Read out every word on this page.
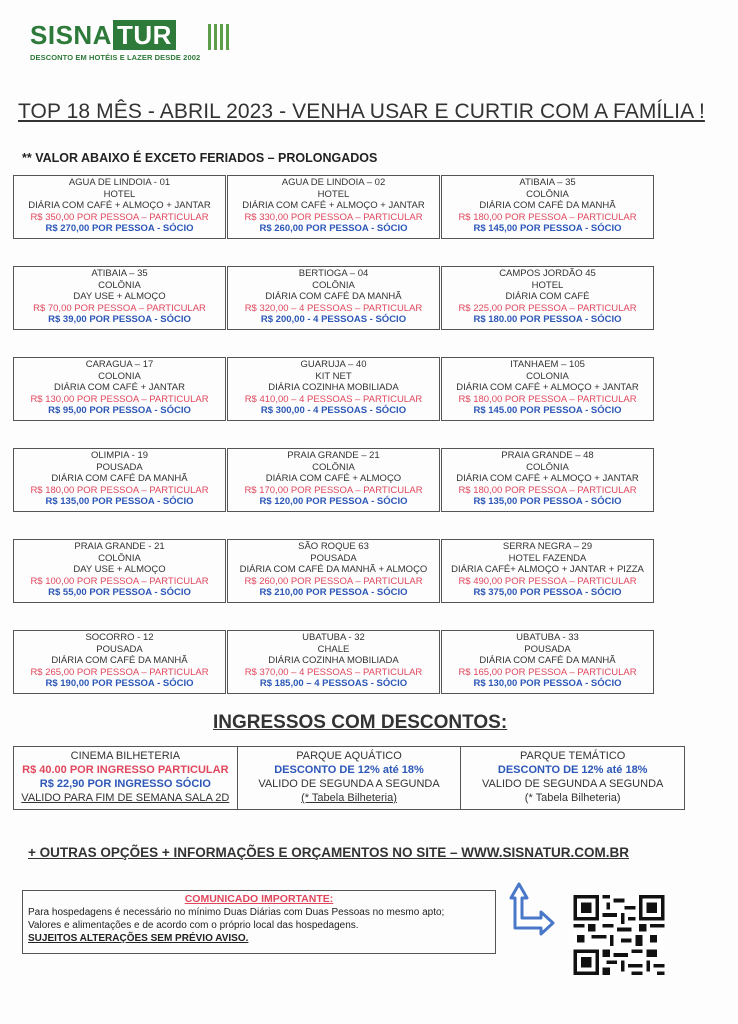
SISNA TUR
DESCONTO EM HOTÉIS E LAZER DESDE 2002
TOP 18 MÊS - ABRIL 2023 - VENHA USAR E CURTIR COM A FAMÍLIA !
** VALOR ABAIXO É EXCETO FERIADOS – PROLONGADOS
AGUA DE LINDOIA - 01
HOTEL
DIÁRIA COM CAFÉ + ALMOÇO + JANTAR
R$ 350,00 POR PESSOA – PARTICULAR
R$ 270,00 POR PESSOA - SÓCIO
AGUA DE LINDOIA – 02
HOTEL
DIÁRIA COM CAFÉ + ALMOÇO + JANTAR
R$ 330,00 POR PESSOA – PARTICULAR
R$ 260,00 POR PESSOA - SÓCIO
ATIBAIA – 35
COLÔNIA
DIÁRIA COM CAFÉ DA MANHÃ
R$ 180,00 POR PESSOA – PARTICULAR
R$ 145,00 POR PESSOA - SÓCIO
ATIBAIA – 35
COLÔNIA
DAY USE + ALMOÇO
R$ 70,00 POR PESSOA – PARTICULAR
R$ 39,00 POR PESSOA - SÓCIO
BERTIOGA – 04
COLÔNIA
DIÁRIA COM CAFÉ DA MANHÃ
R$ 320,00 – 4 PESSOAS – PARTICULAR
R$ 200,00 - 4 PESSOAS - SÓCIO
CAMPOS JORDÃO 45
HOTEL
DIÁRIA COM CAFÉ
R$ 225,00 POR PESSOA – PARTICULAR
R$ 180.00 POR PESSOA - SÓCIO
CARAGUA – 17
COLONIA
DIÁRIA COM CAFÉ + JANTAR
R$ 130,00 POR PESSOA – PARTICULAR
R$ 95,00 POR PESSOA - SÓCIO
GUARUJA – 40
KIT NET
DIÁRIA COZINHA MOBILIADA
R$ 410,00 – 4 PESSOAS – PARTICULAR
R$ 300,00 - 4 PESSOAS - SÓCIO
ITANHAEM – 105
COLONIA
DIÁRIA COM CAFÉ + ALMOÇO + JANTAR
R$ 180,00 POR PESSOA – PARTICULAR
R$ 145.00 POR PESSOA - SÓCIO
OLIMPIA - 19
POUSADA
DIÁRIA COM CAFÉ DA MANHÃ
R$ 180,00 POR PESSOA – PARTICULAR
R$ 135,00 POR PESSOA - SÓCIO
PRAIA GRANDE – 21
COLÔNIA
DIÁRIA COM CAFÉ + ALMOÇO
R$ 170,00 POR PESSOA – PARTICULAR
R$ 120,00 POR PESSOA - SÓCIO
PRAIA GRANDE – 48
COLÔNIA
DIÁRIA COM CAFÉ + ALMOÇO + JANTAR
R$ 180,00 POR PESSOA – PARTICULAR
R$ 135,00 POR PESSOA - SÓCIO
PRAIA GRANDE - 21
COLÔNIA
DAY USE + ALMOÇO
R$ 100,00 POR PESSOA – PARTICULAR
R$ 55,00 POR PESSOA - SÓCIO
SÃO ROQUE 63
POUSADA
DIÁRIA COM CAFÉ DA MANHÃ + ALMOÇO
R$ 260,00 POR PESSOA – PARTICULAR
R$ 210,00 POR PESSOA - SÓCIO
SERRA NEGRA – 29
HOTEL FAZENDA
DIÁRIA CAFÉ+ ALMOÇO + JANTAR + PIZZA
R$ 490,00 POR PESSOA – PARTICULAR
R$ 375,00 POR PESSOA - SÓCIO
SOCORRO - 12
POUSADA
DIÁRIA COM CAFÉ DA MANHÃ
R$ 265,00 POR PESSOA – PARTICULAR
R$ 190,00 POR PESSOA - SÓCIO
UBATUBA - 32
CHALE
DIÁRIA COZINHA MOBILIADA
R$ 370,00 – 4 PESSOAS – PARTICULAR
R$ 185,00 – 4 PESSOAS - SÓCIO
UBATUBA - 33
POUSADA
DIÁRIA COM CAFÉ DA MANHÃ
R$ 165,00 POR PESSOA – PARTICULAR
R$ 130,00 POR PESSOA - SÓCIO
INGRESSOS COM DESCONTOS:
CINEMA BILHETERIA
R$ 40.00 POR INGRESSO PARTICULAR
R$ 22,90 POR INGRESSO SÓCIO
VALIDO PARA FIM DE SEMANA SALA 2D
PARQUE AQUÁTICO
DESCONTO DE 12% até 18%
VALIDO DE SEGUNDA A SEGUNDA
(* Tabela Bilheteria)
PARQUE TEMÁTICO
DESCONTO DE 12% até 18%
VALIDO DE SEGUNDA A SEGUNDA
(* Tabela Bilheteria)
+ OUTRAS OPÇÕES + INFORMAÇÕES E ORÇAMENTOS NO SITE – WWW.SISNATUR.COM.BR
COMUNICADO IMPORTANTE:
Para hospedagens é necessário no mínimo Duas Diárias com Duas Pessoas no mesmo apto;
Valores e alimentações e de acordo com o próprio local das hospedagens.
SUJEITOS ALTERAÇÕES SEM PRÉVIO AVISO.
